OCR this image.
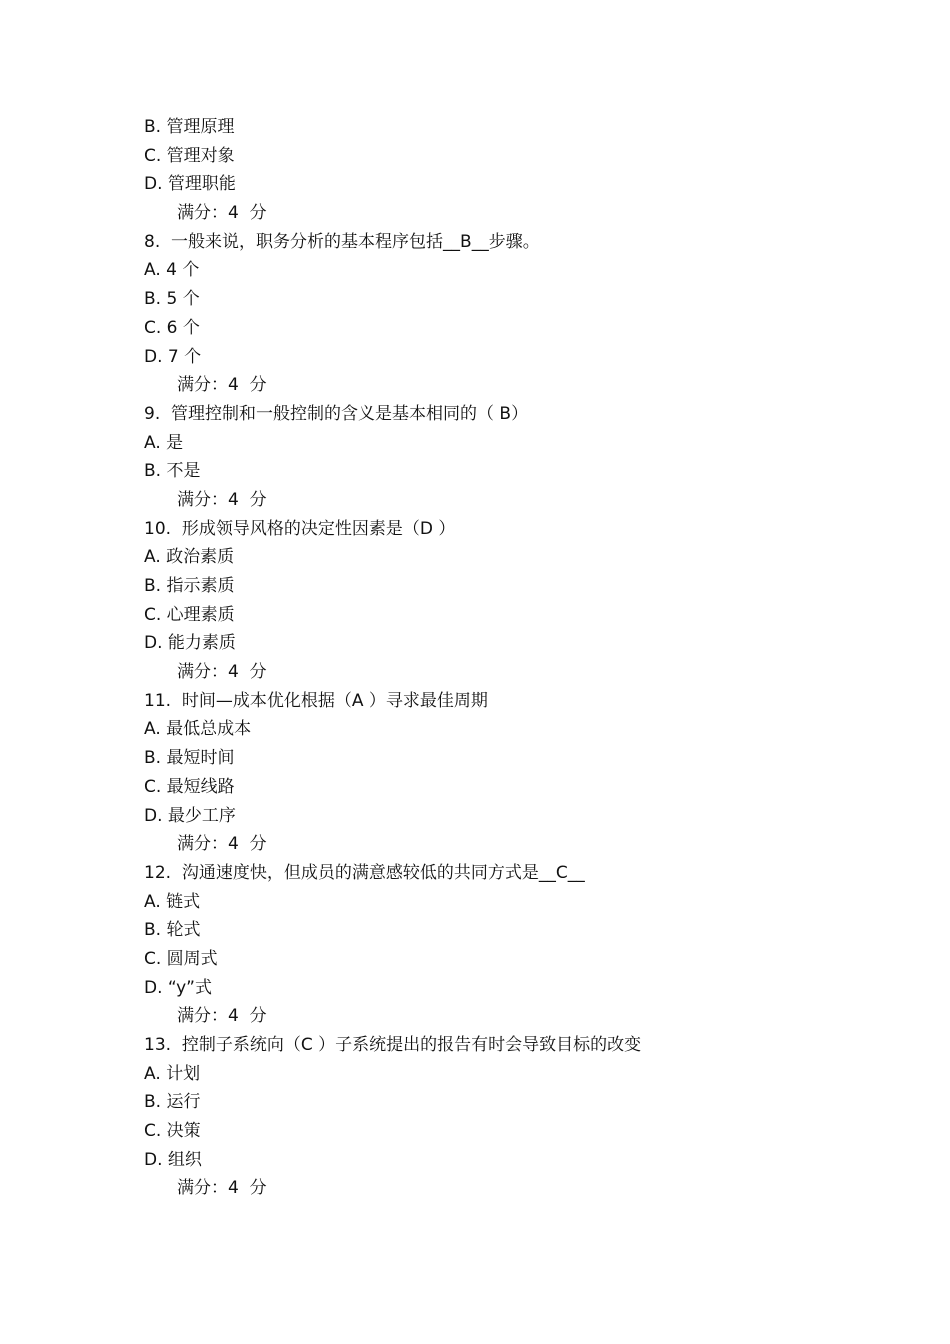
B. 管理原理
C. 管理对象
D. 管理职能
满分：4  分
8.  一般来说，职务分析的基本程序包括__B__步骤。
A. 4 个
B. 5 个
C. 6 个
D. 7 个
满分：4  分
9.  管理控制和一般控制的含义是基本相同的（ B）
A. 是
B. 不是
满分：4  分
10.  形成领导风格的决定性因素是（D ）
A. 政治素质
B. 指示素质
C. 心理素质
D. 能力素质
满分：4  分
11.  时间—成本优化根据（A ）寻求最佳周期
A. 最低总成本
B. 最短时间
C. 最短线路
D. 最少工序
满分：4  分
12.  沟通速度快，但成员的满意感较低的共同方式是__C__
A. 链式
B. 轮式
C. 圆周式
D. “y”式
满分：4  分
13.  控制子系统向（C ）子系统提出的报告有时会导致目标的改变
A. 计划
B. 运行
C. 决策
D. 组织
满分：4  分
